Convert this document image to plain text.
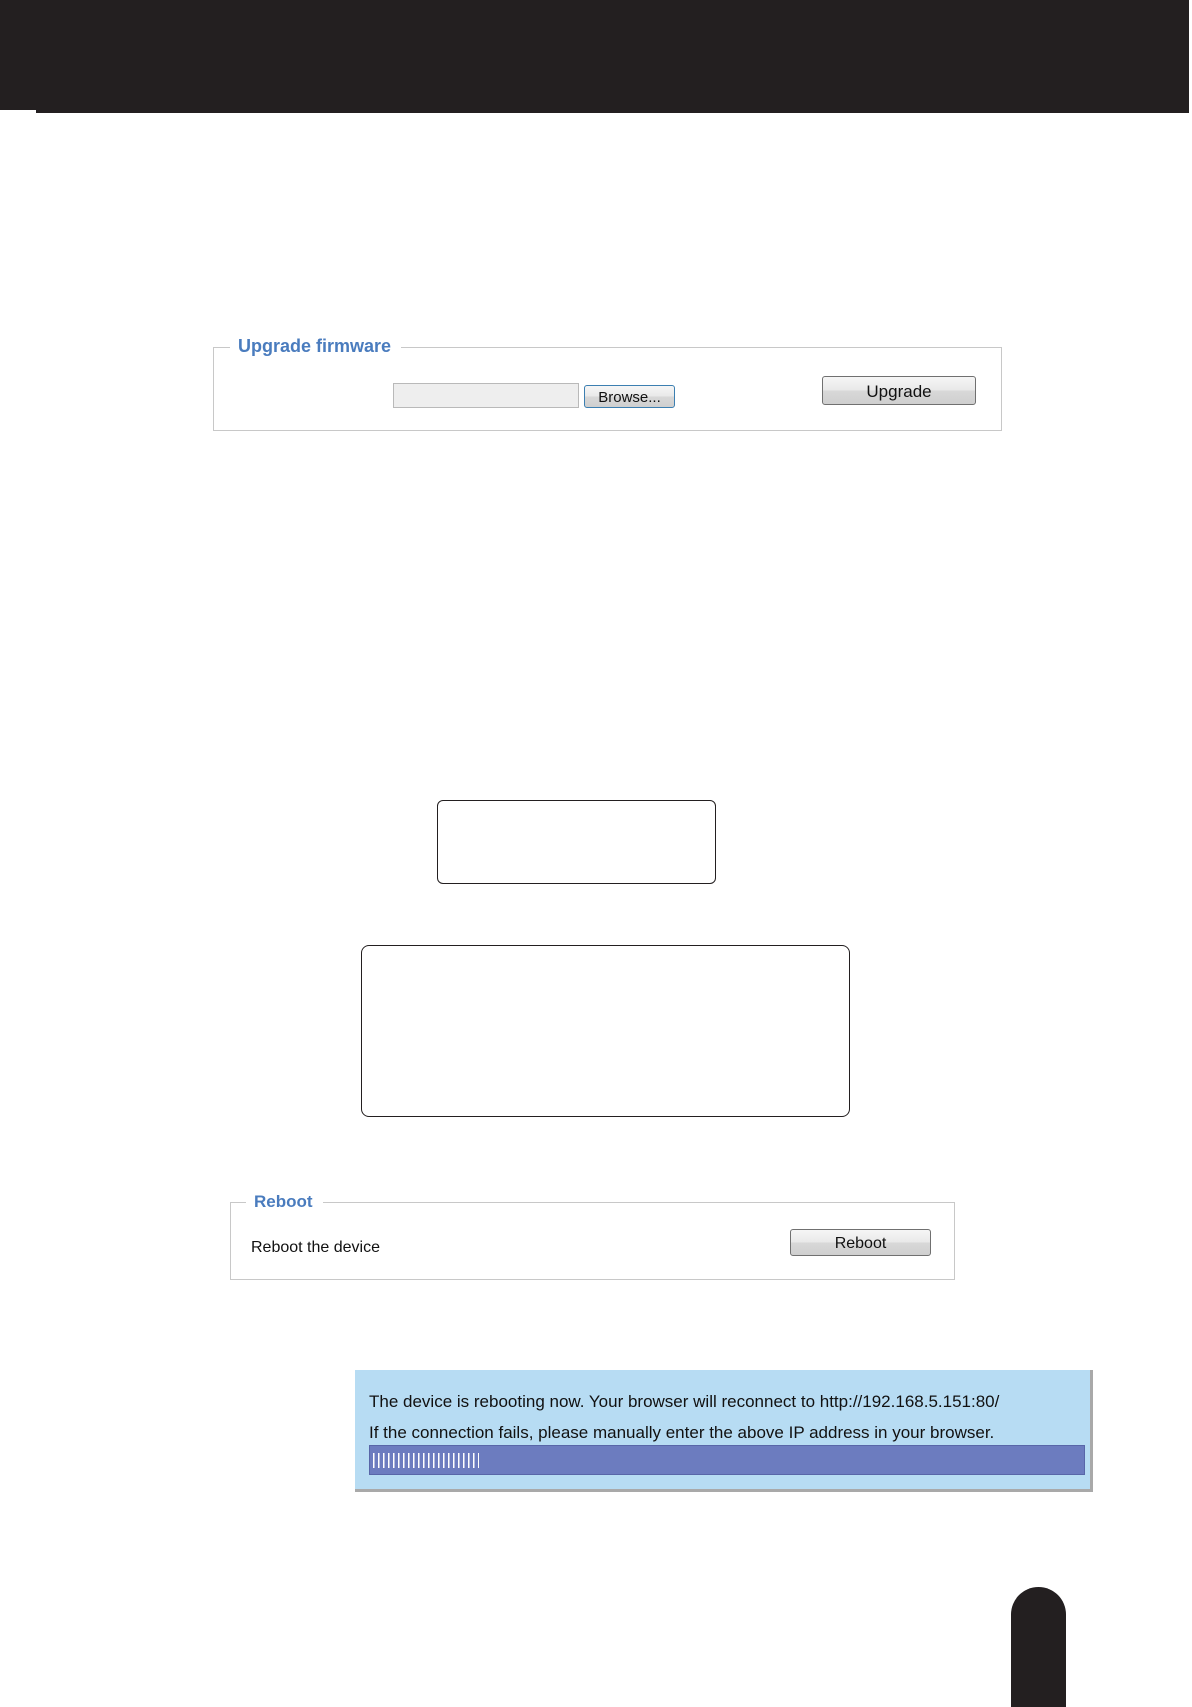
Upgrade firmware
Browse...	Upgrade
Reboot
Reboot the device	Reboot
The device is rebooting now. Your browser will reconnect to http://192.168.5.151:80/
If the connection fails, please manually enter the above IP address in your browser.
